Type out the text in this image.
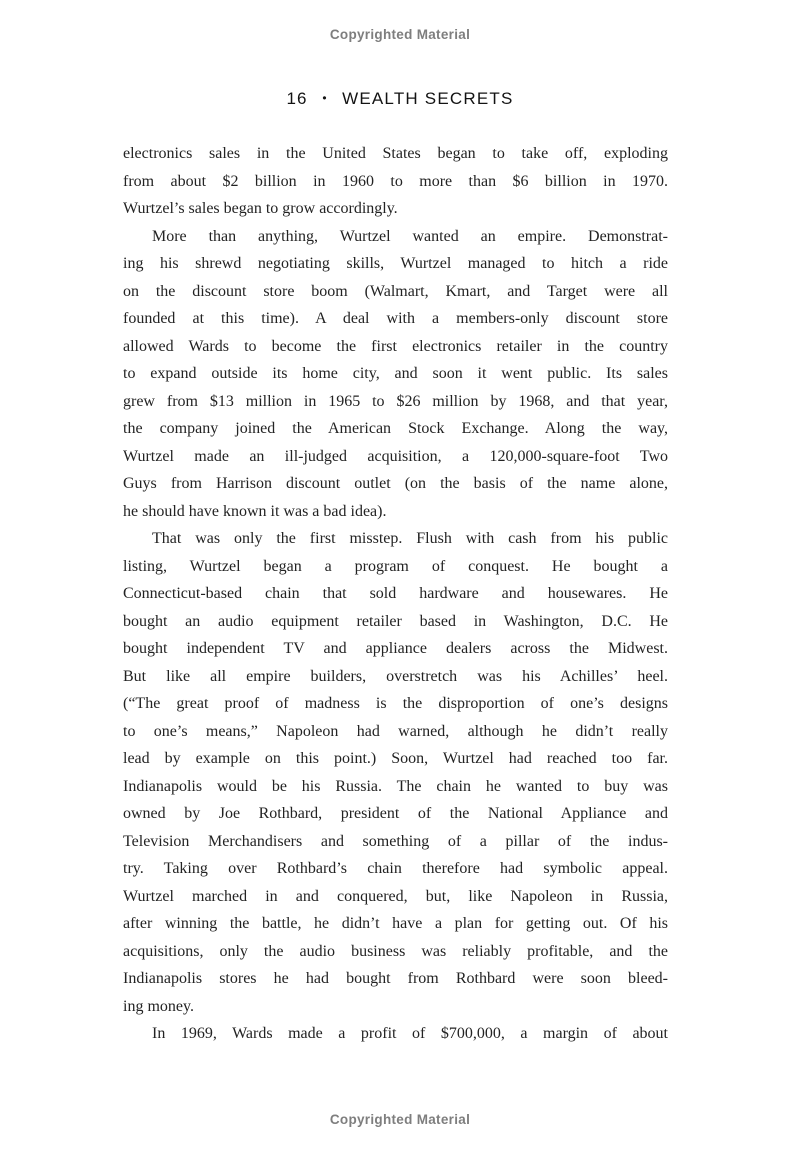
Copyrighted Material
16 • WEALTH SECRETS
electronics sales in the United States began to take off, exploding
from about $2 billion in 1960 to more than $6 billion in 1970.
Wurtzel’s sales began to grow accordingly.
More than anything, Wurtzel wanted an empire. Demonstrat-
ing his shrewd negotiating skills, Wurtzel managed to hitch a ride
on the discount store boom (Walmart, Kmart, and Target were all
founded at this time). A deal with a members-only discount store
allowed Wards to become the first electronics retailer in the country
to expand outside its home city, and soon it went public. Its sales
grew from $13 million in 1965 to $26 million by 1968, and that year,
the company joined the American Stock Exchange. Along the way,
Wurtzel made an ill-judged acquisition, a 120,000-square-foot Two
Guys from Harrison discount outlet (on the basis of the name alone,
he should have known it was a bad idea).
That was only the first misstep. Flush with cash from his public
listing, Wurtzel began a program of conquest. He bought a
Connecticut-based chain that sold hardware and housewares. He
bought an audio equipment retailer based in Washington, D.C. He
bought independent TV and appliance dealers across the Midwest.
But like all empire builders, overstretch was his Achilles’ heel.
(“The great proof of madness is the disproportion of one’s designs
to one’s means,” Napoleon had warned, although he didn’t really
lead by example on this point.) Soon, Wurtzel had reached too far.
Indianapolis would be his Russia. The chain he wanted to buy was
owned by Joe Rothbard, president of the National Appliance and
Television Merchandisers and something of a pillar of the indus-
try. Taking over Rothbard’s chain therefore had symbolic appeal.
Wurtzel marched in and conquered, but, like Napoleon in Russia,
after winning the battle, he didn’t have a plan for getting out. Of his
acquisitions, only the audio business was reliably profitable, and the
Indianapolis stores he had bought from Rothbard were soon bleed-
ing money.
In 1969, Wards made a profit of $700,000, a margin of about
Copyrighted Material
